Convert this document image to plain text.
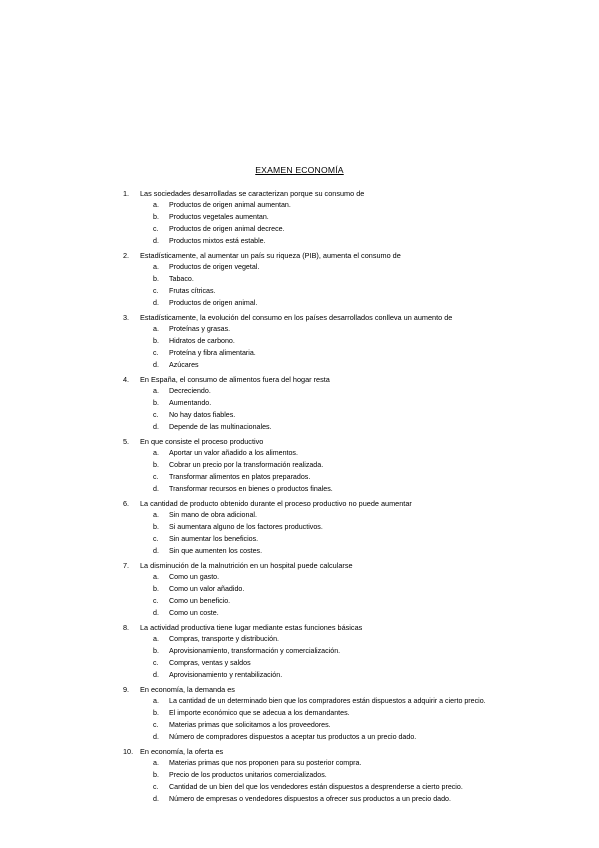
EXAMEN ECONOMÍA
1. Las sociedades desarrolladas se caracterizan porque su consumo de
a. Productos de origen animal aumentan.
b. Productos vegetales aumentan.
c. Productos de origen animal decrece.
d. Productos mixtos está estable.
2. Estadísticamente, al aumentar un país su riqueza (PIB), aumenta el consumo de
a. Productos de origen vegetal.
b. Tabaco.
c. Frutas cítricas.
d. Productos de origen animal.
3. Estadísticamente, la evolución del consumo en los países desarrollados conlleva un aumento de
a. Proteínas y grasas.
b. Hidratos de carbono.
c. Proteína y fibra alimentaria.
d. Azúcares
4. En España, el consumo de alimentos fuera del hogar resta
a. Decreciendo.
b. Aumentando.
c. No hay datos fiables.
d. Depende de las multinacionales.
5. En que consiste el proceso productivo
a. Aportar un valor añadido a los alimentos.
b. Cobrar un precio por la transformación realizada.
c. Transformar alimentos en platos preparados.
d. Transformar recursos en bienes o productos finales.
6. La cantidad de producto obtenido durante el proceso productivo no puede aumentar
a. Sin mano de obra adicional.
b. Si aumentara alguno de los factores productivos.
c. Sin aumentar los beneficios.
d. Sin que aumenten los costes.
7. La disminución de la malnutrición en un hospital puede calcularse
a. Como un gasto.
b. Como un valor añadido.
c. Como un beneficio.
d. Como un coste.
8. La actividad productiva tiene lugar mediante estas funciones básicas
a. Compras, transporte y distribución.
b. Aprovisionamiento, transformación y comercialización.
c. Compras, ventas y saldos
d. Aprovisionamiento y rentabilización.
9. En economía, la demanda es
a. La cantidad de un determinado bien que los compradores están dispuestos a adquirir a cierto precio.
b. El importe económico que se adecua a los demandantes.
c. Materias primas que solicitamos a los proveedores.
d. Número de compradores dispuestos a aceptar tus productos a un precio dado.
10. En economía, la oferta es
a. Materias primas que nos proponen para su posterior compra.
b. Precio de los productos unitarios comercializados.
c. Cantidad de un bien del que los vendedores están dispuestos a desprenderse a cierto precio.
d. Número de empresas o vendedores dispuestos a ofrecer sus productos a un precio dado.
